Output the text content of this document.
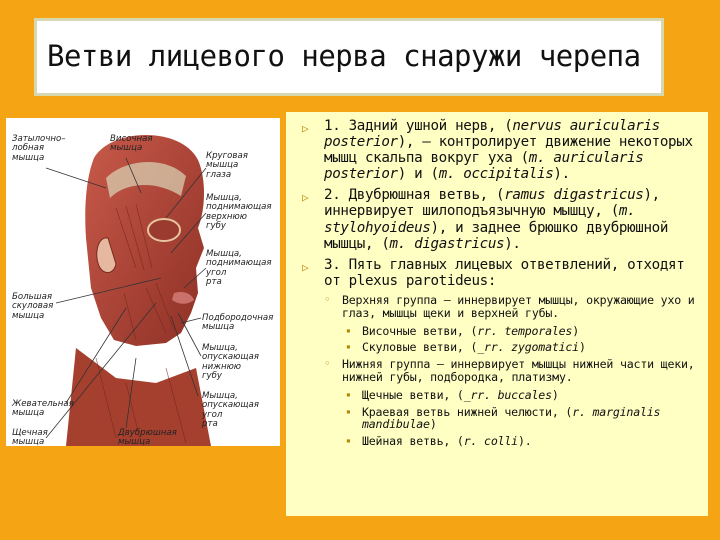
Ветви лицевого нерва снаружи черепа
Затылочно–
лобная
мышца
Височная
мышца
Круговая
мышца
глаза
Мышца,
поднимающая
верхнюю
губу
Мышца,
поднимающая
угол
рта
Большая
скуловая
мышца	Подбородочная
мышца
Мышца,
опускающая
нижнюю
губу
Жевательная
мышца
Мышца,
опускающая
угол
рта
Щечная
мышца
Двубрюшная
мышца
▷ 1. Задний ушной нерв, (nervus auricularis posterior), — контролирует движение некоторых мышц скальпа вокруг уха (m. auricularis posterior) и (m. occipitalis).
▷ 2. Двубрюшная ветвь, (ramus digastricus), иннервирует шилоподъязычную мышцу, (m. stylohyoideus), и заднее брюшко двубрюшной мышцы, (m. digastricus).
▷ 3. Пять главных лицевых ответвлений, отходят от plexus parotideus:
◦ Верхняя группа — иннервирует мышцы, окружающие ухо и глаз, мышцы щеки и верхней губы.
▪ Височные ветви, (rr. temporales)
▪ Скуловые ветви, (_rr. zygomatici)
◦ Нижняя группа — иннервирует мышцы нижней части щеки, нижней губы, подбородка, платизму.
▪ Щечные ветви, (_rr. buccales)
▪ Краевая ветвь нижней челюсти, (r. marginalis mandibulae)
▪ Шейная ветвь, (r. colli).
